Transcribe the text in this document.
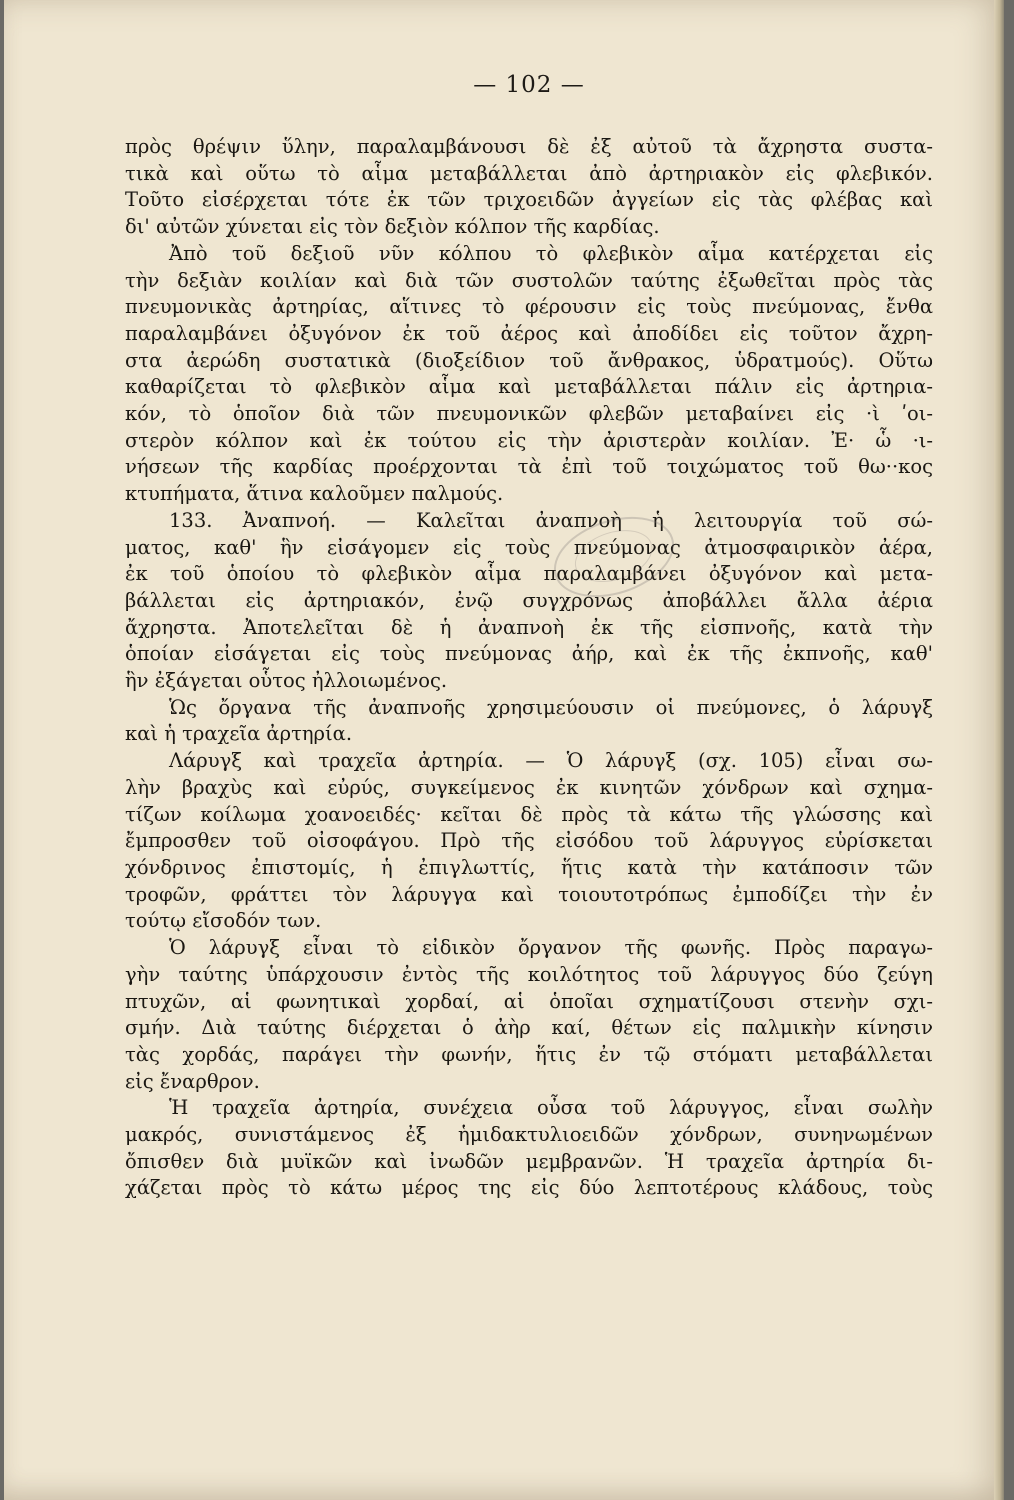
— 102 —

πρὸς θρέψιν ὕλην, παραλαμβάνουσι δὲ ἐξ αὐτοῦ τὰ ἄχρηστα συστα-

τικὰ καὶ οὕτω τὸ αἷμα μεταβάλλεται ἀπὸ ἀρτηριακὸν εἰς φλεβικόν.

Τοῦτο εἰσέρχεται τότε ἐκ τῶν τριχοειδῶν ἀγγείων εἰς τὰς φλέβας καὶ

δι' αὐτῶν χύνεται εἰς τὸν δεξιὸν κόλπον τῆς καρδίας.

Ἀπὸ τοῦ δεξιοῦ νῦν κόλπου τὸ φλεβικὸν αἷμα κατέρχεται εἰς

τὴν δεξιὰν κοιλίαν καὶ διὰ τῶν συστολῶν ταύτης ἐξωθεῖται πρὸς τὰς

πνευμονικὰς ἀρτηρίας, αἵτινες τὸ φέρουσιν εἰς τοὺς πνεύμονας, ἔνθα

παραλαμβάνει ὀξυγόνον ἐκ τοῦ ἀέρος καὶ ἀποδίδει εἰς τοῦτον ἄχρη-

στα ἀερώδη συστατικὰ (διοξείδιον τοῦ ἄνθρακος, ὑδρατμούς). Οὕτω

καθαρίζεται τὸ φλεβικὸν αἷμα καὶ μεταβάλλεται πάλιν εἰς ἀρτηρια-

κόν, τὸ ὁποῖον διὰ τῶν πνευμονικῶν φλεβῶν μεταβαίνει εἰς ·ὶ ʹοι-

στερὸν κόλπον καὶ ἐκ τούτου εἰς τὴν ἀριστερὰν κοιλίαν. Ἐ· ὧ ·ι-

νήσεων τῆς καρδίας προέρχονται τὰ ἐπὶ τοῦ τοιχώματος τοῦ θω··κος

κτυπήματα, ἅτινα καλοῦμεν παλμούς.

133. Ἀναπνοή. — Καλεῖται ἀναπνοὴ ἡ λειτουργία τοῦ σώ-

ματος, καθ' ἣν εἰσάγομεν εἰς τοὺς πνεύμονας ἀτμοσφαιρικὸν ἀέρα,

ἐκ τοῦ ὁποίου τὸ φλεβικὸν αἷμα παραλαμβάνει ὀξυγόνον καὶ μετα-

βάλλεται εἰς ἀρτηριακόν, ἐνῷ συγχρόνως ἀποβάλλει ἄλλα ἀέρια

ἄχρηστα. Ἀποτελεῖται δὲ ἡ ἀναπνοὴ ἐκ τῆς εἰσπνοῆς, κατὰ τὴν

ὁποίαν εἰσάγεται εἰς τοὺς πνεύμονας ἀήρ, καὶ ἐκ τῆς ἐκπνοῆς, καθ'

ἣν ἐξάγεται οὗτος ἠλλοιωμένος.

Ὡς ὄργανα τῆς ἀναπνοῆς χρησιμεύουσιν οἱ πνεύμονες, ὁ λάρυγξ

καὶ ἡ τραχεῖα ἀρτηρία.

Λάρυγξ καὶ τραχεῖα ἀρτηρία. — Ὁ λάρυγξ (σχ. 105) εἶναι σω-

λὴν βραχὺς καὶ εὐρύς, συγκείμενος ἐκ κινητῶν χόνδρων καὶ σχημα-

τίζων κοίλωμα χοανοειδές· κεῖται δὲ πρὸς τὰ κάτω τῆς γλώσσης καὶ

ἔμπροσθεν τοῦ οἰσοφάγου. Πρὸ τῆς εἰσόδου τοῦ λάρυγγος εὑρίσκεται

χόνδρινος ἐπιστομίς, ἡ ἐπιγλωττίς, ἥτις κατὰ τὴν κατάποσιν τῶν

τροφῶν, φράττει τὸν λάρυγγα καὶ τοιουτοτρόπως ἐμποδίζει τὴν ἐν

τούτῳ εἴσοδόν των.

Ὁ λάρυγξ εἶναι τὸ εἰδικὸν ὄργανον τῆς φωνῆς. Πρὸς παραγω-

γὴν ταύτης ὑπάρχουσιν ἐντὸς τῆς κοιλότητος τοῦ λάρυγγος δύο ζεύγη

πτυχῶν, αἱ φωνητικαὶ χορδαί, αἱ ὁποῖαι σχηματίζουσι στενὴν σχι-

σμήν. Διὰ ταύτης διέρχεται ὁ ἀὴρ καί, θέτων εἰς παλμικὴν κίνησιν

τὰς χορδάς, παράγει τὴν φωνήν, ἥτις ἐν τῷ στόματι μεταβάλλεται

εἰς ἔναρθρον.

Ἡ τραχεῖα ἀρτηρία, συνέχεια οὖσα τοῦ λάρυγγος, εἶναι σωλὴν

μακρός, συνιστάμενος ἐξ ἡμιδακτυλιοειδῶν χόνδρων, συνηνωμένων

ὄπισθεν διὰ μυϊκῶν καὶ ἰνωδῶν μεμβρανῶν. Ἡ τραχεῖα ἀρτηρία δι-

χάζεται πρὸς τὸ κάτω μέρος της εἰς δύο λεπτοτέρους κλάδους, τοὺς
